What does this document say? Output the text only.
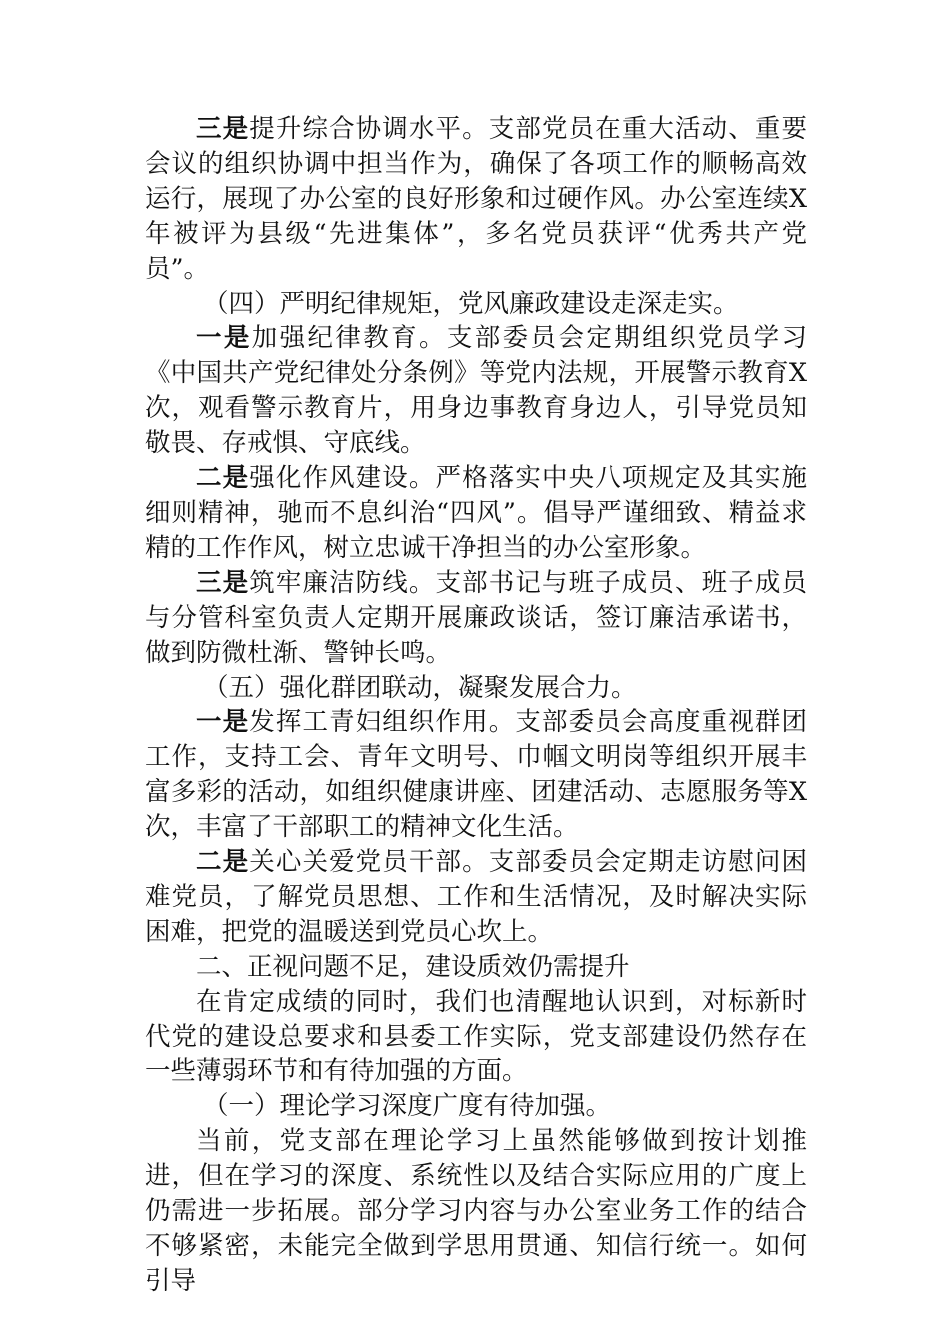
三是提升综合协调水平。支部党员在重大活动、重要会议的组织协调中担当作为，确保了各项工作的顺畅高效运行，展现了办公室的良好形象和过硬作风。办公室连续X年被评为县级“先进集体”，多名党员获评“优秀共产党员”。

（四）严明纪律规矩，党风廉政建设走深走实。

一是加强纪律教育。支部委员会定期组织党员学习《中国共产党纪律处分条例》等党内法规，开展警示教育X次，观看警示教育片，用身边事教育身边人，引导党员知敬畏、存戒惧、守底线。

二是强化作风建设。严格落实中央八项规定及其实施细则精神，驰而不息纠治“四风”。倡导严谨细致、精益求精的工作作风，树立忠诚干净担当的办公室形象。

三是筑牢廉洁防线。支部书记与班子成员、班子成员与分管科室负责人定期开展廉政谈话，签订廉洁承诺书，做到防微杜渐、警钟长鸣。

（五）强化群团联动，凝聚发展合力。

一是发挥工青妇组织作用。支部委员会高度重视群团工作，支持工会、青年文明号、巾帼文明岗等组织开展丰富多彩的活动，如组织健康讲座、团建活动、志愿服务等X次，丰富了干部职工的精神文化生活。

二是关心关爱党员干部。支部委员会定期走访慰问困难党员，了解党员思想、工作和生活情况，及时解决实际困难，把党的温暖送到党员心坎上。

二、正视问题不足，建设质效仍需提升

在肯定成绩的同时，我们也清醒地认识到，对标新时代党的建设总要求和县委工作实际，党支部建设仍然存在一些薄弱环节和有待加强的方面。

（一）理论学习深度广度有待加强。

当前，党支部在理论学习上虽然能够做到按计划推进，但在学习的深度、系统性以及结合实际应用的广度上仍需进一步拓展。部分学习内容与办公室业务工作的结合不够紧密，未能完全做到学思用贯通、知信行统一。如何引导
